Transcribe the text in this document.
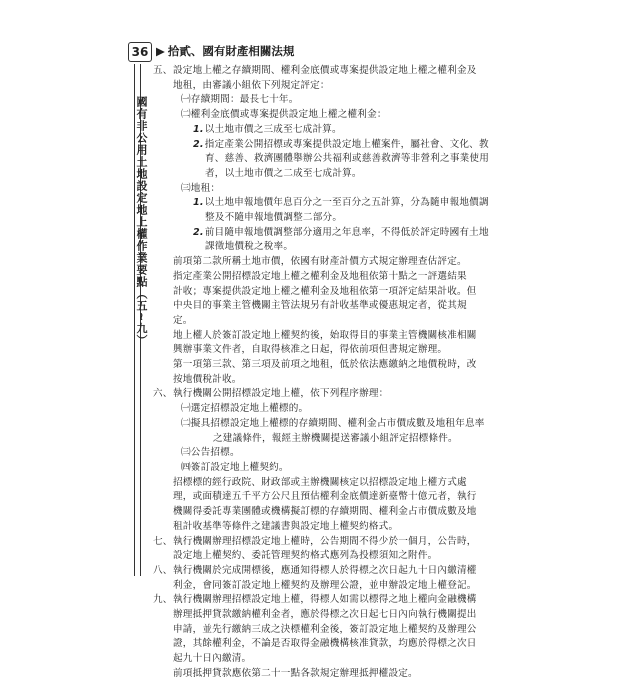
36 ▶ 拾貳、國有財產相關法規
國有非公用土地設定地上權作業要點（五∼九）
五、 設定地上權之存續期間、權利金底價或專案提供設定地上權之權利金及
地租，由審議小組依下列規定評定：
㈠存續期間：最長七十年。
㈡權利金底價或專案提供設定地上權之權利金：
1. 以土地市價之三成至七成計算。
2. 指定產業公開招標或專案提供設定地上權案件，屬社會、文化、教
育、慈善、救濟團體舉辦公共福利或慈善救濟等非營利之事業使用
者，以土地市價之二成至七成計算。
㈢地租：
1. 以土地申報地價年息百分之一至百分之五計算，分為隨申報地價調
整及不隨申報地價調整二部分。
2. 前目隨申報地價調整部分適用之年息率，不得低於評定時國有土地
課徵地價稅之稅率。
前項第二款所稱土地市價，依國有財產計價方式規定辦理查估評定。
指定產業公開招標設定地上權之權利金及地租依第十點之一評選結果
計收；專案提供設定地上權之權利金及地租依第一項評定結果計收。但
中央目的事業主管機關主管法規另有計收基準或優惠規定者，從其規
定。
地上權人於簽訂設定地上權契約後，始取得目的事業主管機關核准相關
興辦事業文件者，自取得核准之日起，得依前項但書規定辦理。
第一項第三款、第三項及前項之地租，低於依法應繳納之地價稅時，改
按地價稅計收。
六、 執行機關公開招標設定地上權，依下列程序辦理：
㈠選定招標設定地上權標的。
㈡擬具招標設定地上權標的存續期間、權利金占市價成數及地租年息率
之建議條件，報經主辦機關提送審議小組評定招標條件。
㈢公告招標。
㈣簽訂設定地上權契約。
招標標的經行政院、財政部或主辦機關核定以招標設定地上權方式處
理，或面積達五千平方公尺且預估權利金底價達新臺幣十億元者，執行
機關得委託專業團體或機構擬訂標的存續期間、權利金占市價成數及地
租計收基準等條件之建議書與設定地上權契約格式。
七、 執行機關辦理招標設定地上權時，公告期間不得少於一個月，公告時，
設定地上權契約、委託管理契約格式應列為投標須知之附件。
八、 執行機關於完成開標後，應通知得標人於得標之次日起九十日內繳清權
利金，會同簽訂設定地上權契約及辦理公證，並申辦設定地上權登記。
九、 執行機關辦理招標設定地上權，得標人如需以標得之地上權向金融機構
辦理抵押貸款繳納權利金者，應於得標之次日起七日內向執行機關提出
申請，並先行繳納三成之決標權利金後，簽訂設定地上權契約及辦理公
證，其餘權利金，不論是否取得金融機構核准貸款，均應於得標之次日
起九十日內繳清。
前項抵押貸款應依第二十一點各款規定辦理抵押權設定。
